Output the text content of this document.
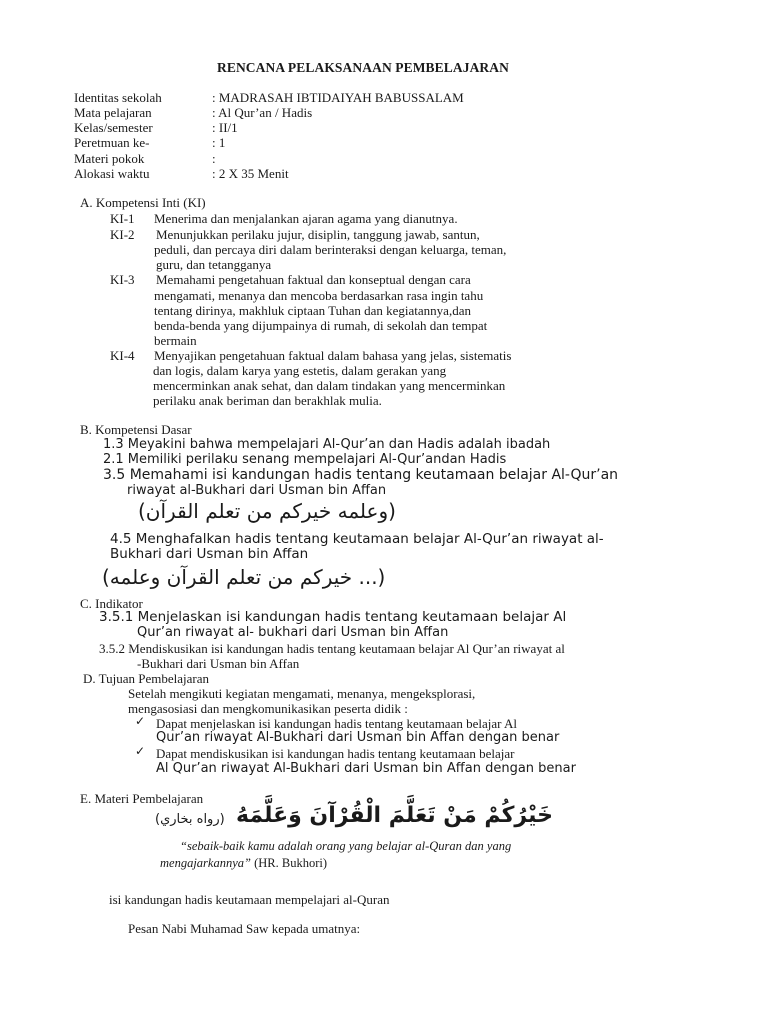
RENCANA PELAKSANAAN PEMBELAJARAN
Identitas sekolah	: MADRASAH IBTIDAIYAH BABUSSALAM
Mata pelajaran	: Al Qur’an / Hadis
Kelas/semester	: II/1
Peretmuan ke-	: 1
Materi pokok	:
Alokasi waktu	: 2 X 35 Menit
A. Kompetensi Inti (KI)
KI-1 Menerima dan menjalankan ajaran agama yang dianutnya.
KI-2 Menunjukkan perilaku jujur, disiplin, tanggung jawab, santun,
peduli, dan percaya diri dalam berinteraksi dengan keluarga, teman,
guru, dan tetangganya
KI-3 Memahami pengetahuan faktual dan konseptual dengan cara
mengamati, menanya dan mencoba berdasarkan rasa ingin tahu
tentang dirinya, makhluk ciptaan Tuhan dan kegiatannya,dan
benda-benda yang dijumpainya di rumah, di sekolah dan tempat
bermain
KI-4 Menyajikan pengetahuan faktual dalam bahasa yang jelas, sistematis
dan logis, dalam karya yang estetis, dalam gerakan yang
mencerminkan anak sehat, dan dalam tindakan yang mencerminkan
perilaku anak beriman dan berakhlak mulia.
B. Kompetensi Dasar
1.3 Meyakini bahwa mempelajari Al-Qur’an dan Hadis adalah ibadah
2.1 Memiliki perilaku senang mempelajari Al-Qur’andan Hadis
3.5 Memahami isi kandungan hadis tentang keutamaan belajar Al-Qur’an
riwayat al-Bukhari dari Usman bin Affan
(وعلمه خيركم من تعلم القرآن)
4.5 Menghafalkan hadis tentang keutamaan belajar Al-Qur’an riwayat al-
Bukhari dari Usman bin Affan
(... خيركم من تعلم القرآن وعلمه)
C. Indikator
3.5.1 Menjelaskan isi kandungan hadis tentang keutamaan belajar Al
Qur’an riwayat al- bukhari dari Usman bin Affan
3.5.2 Mendiskusikan isi kandungan hadis tentang keutamaan belajar Al Qur’an riwayat al
-Bukhari dari Usman bin Affan
D. Tujuan Pembelajaran
Setelah mengikuti kegiatan mengamati, menanya, mengeksplorasi,
mengasosiasi dan mengkomunikasikan peserta didik :
✓ Dapat menjelaskan isi kandungan hadis tentang keutamaan belajar Al
Qur’an riwayat Al-Bukhari dari Usman bin Affan dengan benar
✓ Dapat mendiskusikan isi kandungan hadis tentang keutamaan belajar
Al Qur’an riwayat Al-Bukhari dari Usman bin Affan dengan benar
E. Materi Pembelajaran
(رواه بخاري) خَيْرُكُمْ مَنْ تَعَلَّمَ الْقُرْآنَ وَعَلَّمَهُ
“sebaik-baik kamu adalah orang yang belajar al-Quran dan yang
mengajarkannya” (HR. Bukhori)
isi kandungan hadis keutamaan mempelajari al-Quran
Pesan Nabi Muhamad Saw kepada umatnya:
